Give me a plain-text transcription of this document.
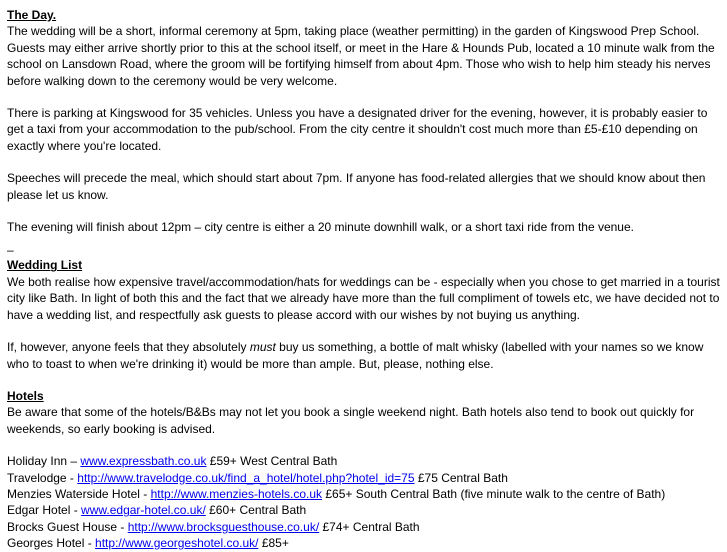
The Day.

The wedding will be a short, informal ceremony at 5pm, taking place (weather permitting) in the garden of Kingswood Prep School. Guests may either arrive shortly prior to this at the school itself, or meet in the Hare & Hounds Pub, located a 10 minute walk from the school on Lansdown Road, where the groom will be fortifying himself from about 4pm. Those who wish to help him steady his nerves before walking down to the ceremony would be very welcome.

There is parking at Kingswood for 35 vehicles. Unless you have a designated driver for the evening, however, it is probably easier to get a taxi from your accommodation to the pub/school. From the city centre it shouldn't cost much more than £5-£10 depending on exactly where you're located.

Speeches will precede the meal, which should start about 7pm. If anyone has food-related allergies that we should know about then please let us know.

The evening will finish about 12pm – city centre is either a 20 minute downhill walk, or a short taxi ride from the venue.

–
Wedding List

We both realise how expensive travel/accommodation/hats for weddings can be - especially when you chose to get married in a tourist city like Bath. In light of both this and the fact that we already have more than the full compliment of towels etc, we have decided not to have a wedding list, and respectfully ask guests to please accord with our wishes by not buying us anything.

If, however, anyone feels that they absolutely must buy us something, a bottle of malt whisky (labelled with your names so we know who to toast to when we're drinking it) would be more than ample. But, please, nothing else.

Hotels

Be aware that some of the hotels/B&Bs may not let you book a single weekend night. Bath hotels also tend to book out quickly for weekends, so early booking is advised.

Holiday Inn – www.expressbath.co.uk £59+ West Central Bath
Travelodge - http://www.travelodge.co.uk/find_a_hotel/hotel.php?hotel_id=75 £75 Central Bath
Menzies Waterside Hotel - http://www.menzies-hotels.co.uk £65+ South Central Bath (five minute walk to the centre of Bath)
Edgar Hotel - www.edgar-hotel.co.uk/ £60+ Central Bath
Brocks Guest House - http://www.brocksguesthouse.co.uk/ £74+ Central Bath
Georges Hotel - http://www.georgeshotel.co.uk/ £85+
